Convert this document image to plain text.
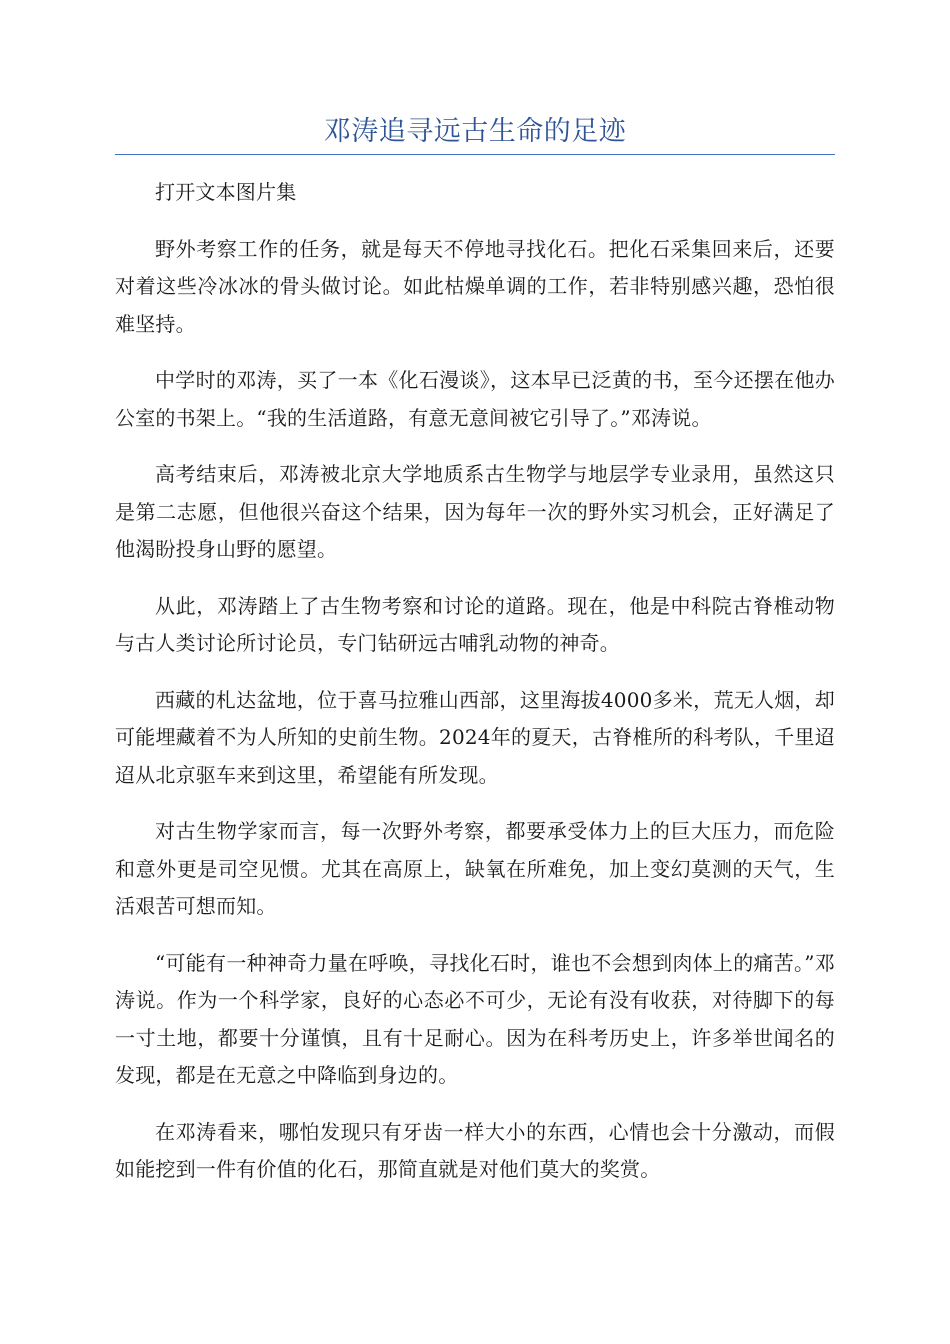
邓涛追寻远古生命的足迹

打开文本图片集

野外考察工作的任务，就是每天不停地寻找化石。把化石采集回来后，还要对着这些冷冰冰的骨头做讨论。如此枯燥单调的工作，若非特别感兴趣，恐怕很难坚持。

中学时的邓涛，买了一本《化石漫谈》，这本早已泛黄的书，至今还摆在他办公室的书架上。“我的生活道路，有意无意间被它引导了。”邓涛说。

高考结束后，邓涛被北京大学地质系古生物学与地层学专业录用，虽然这只是第二志愿，但他很兴奋这个结果，因为每年一次的野外实习机会，正好满足了他渴盼投身山野的愿望。

从此，邓涛踏上了古生物考察和讨论的道路。现在，他是中科院古脊椎动物与古人类讨论所讨论员，专门钻研远古哺乳动物的神奇。

西藏的札达盆地，位于喜马拉雅山西部，这里海拔4000多米，荒无人烟，却可能埋藏着不为人所知的史前生物。2024年的夏天，古脊椎所的科考队，千里迢迢从北京驱车来到这里，希望能有所发现。

对古生物学家而言，每一次野外考察，都要承受体力上的巨大压力，而危险和意外更是司空见惯。尤其在高原上，缺氧在所难免，加上变幻莫测的天气，生活艰苦可想而知。

“可能有一种神奇力量在呼唤，寻找化石时，谁也不会想到肉体上的痛苦。”邓涛说。作为一个科学家，良好的心态必不可少，无论有没有收获，对待脚下的每一寸土地，都要十分谨慎，且有十足耐心。因为在科考历史上，许多举世闻名的发现，都是在无意之中降临到身边的。

在邓涛看来，哪怕发现只有牙齿一样大小的东西，心情也会十分激动，而假如能挖到一件有价值的化石，那简直就是对他们莫大的奖赏。
